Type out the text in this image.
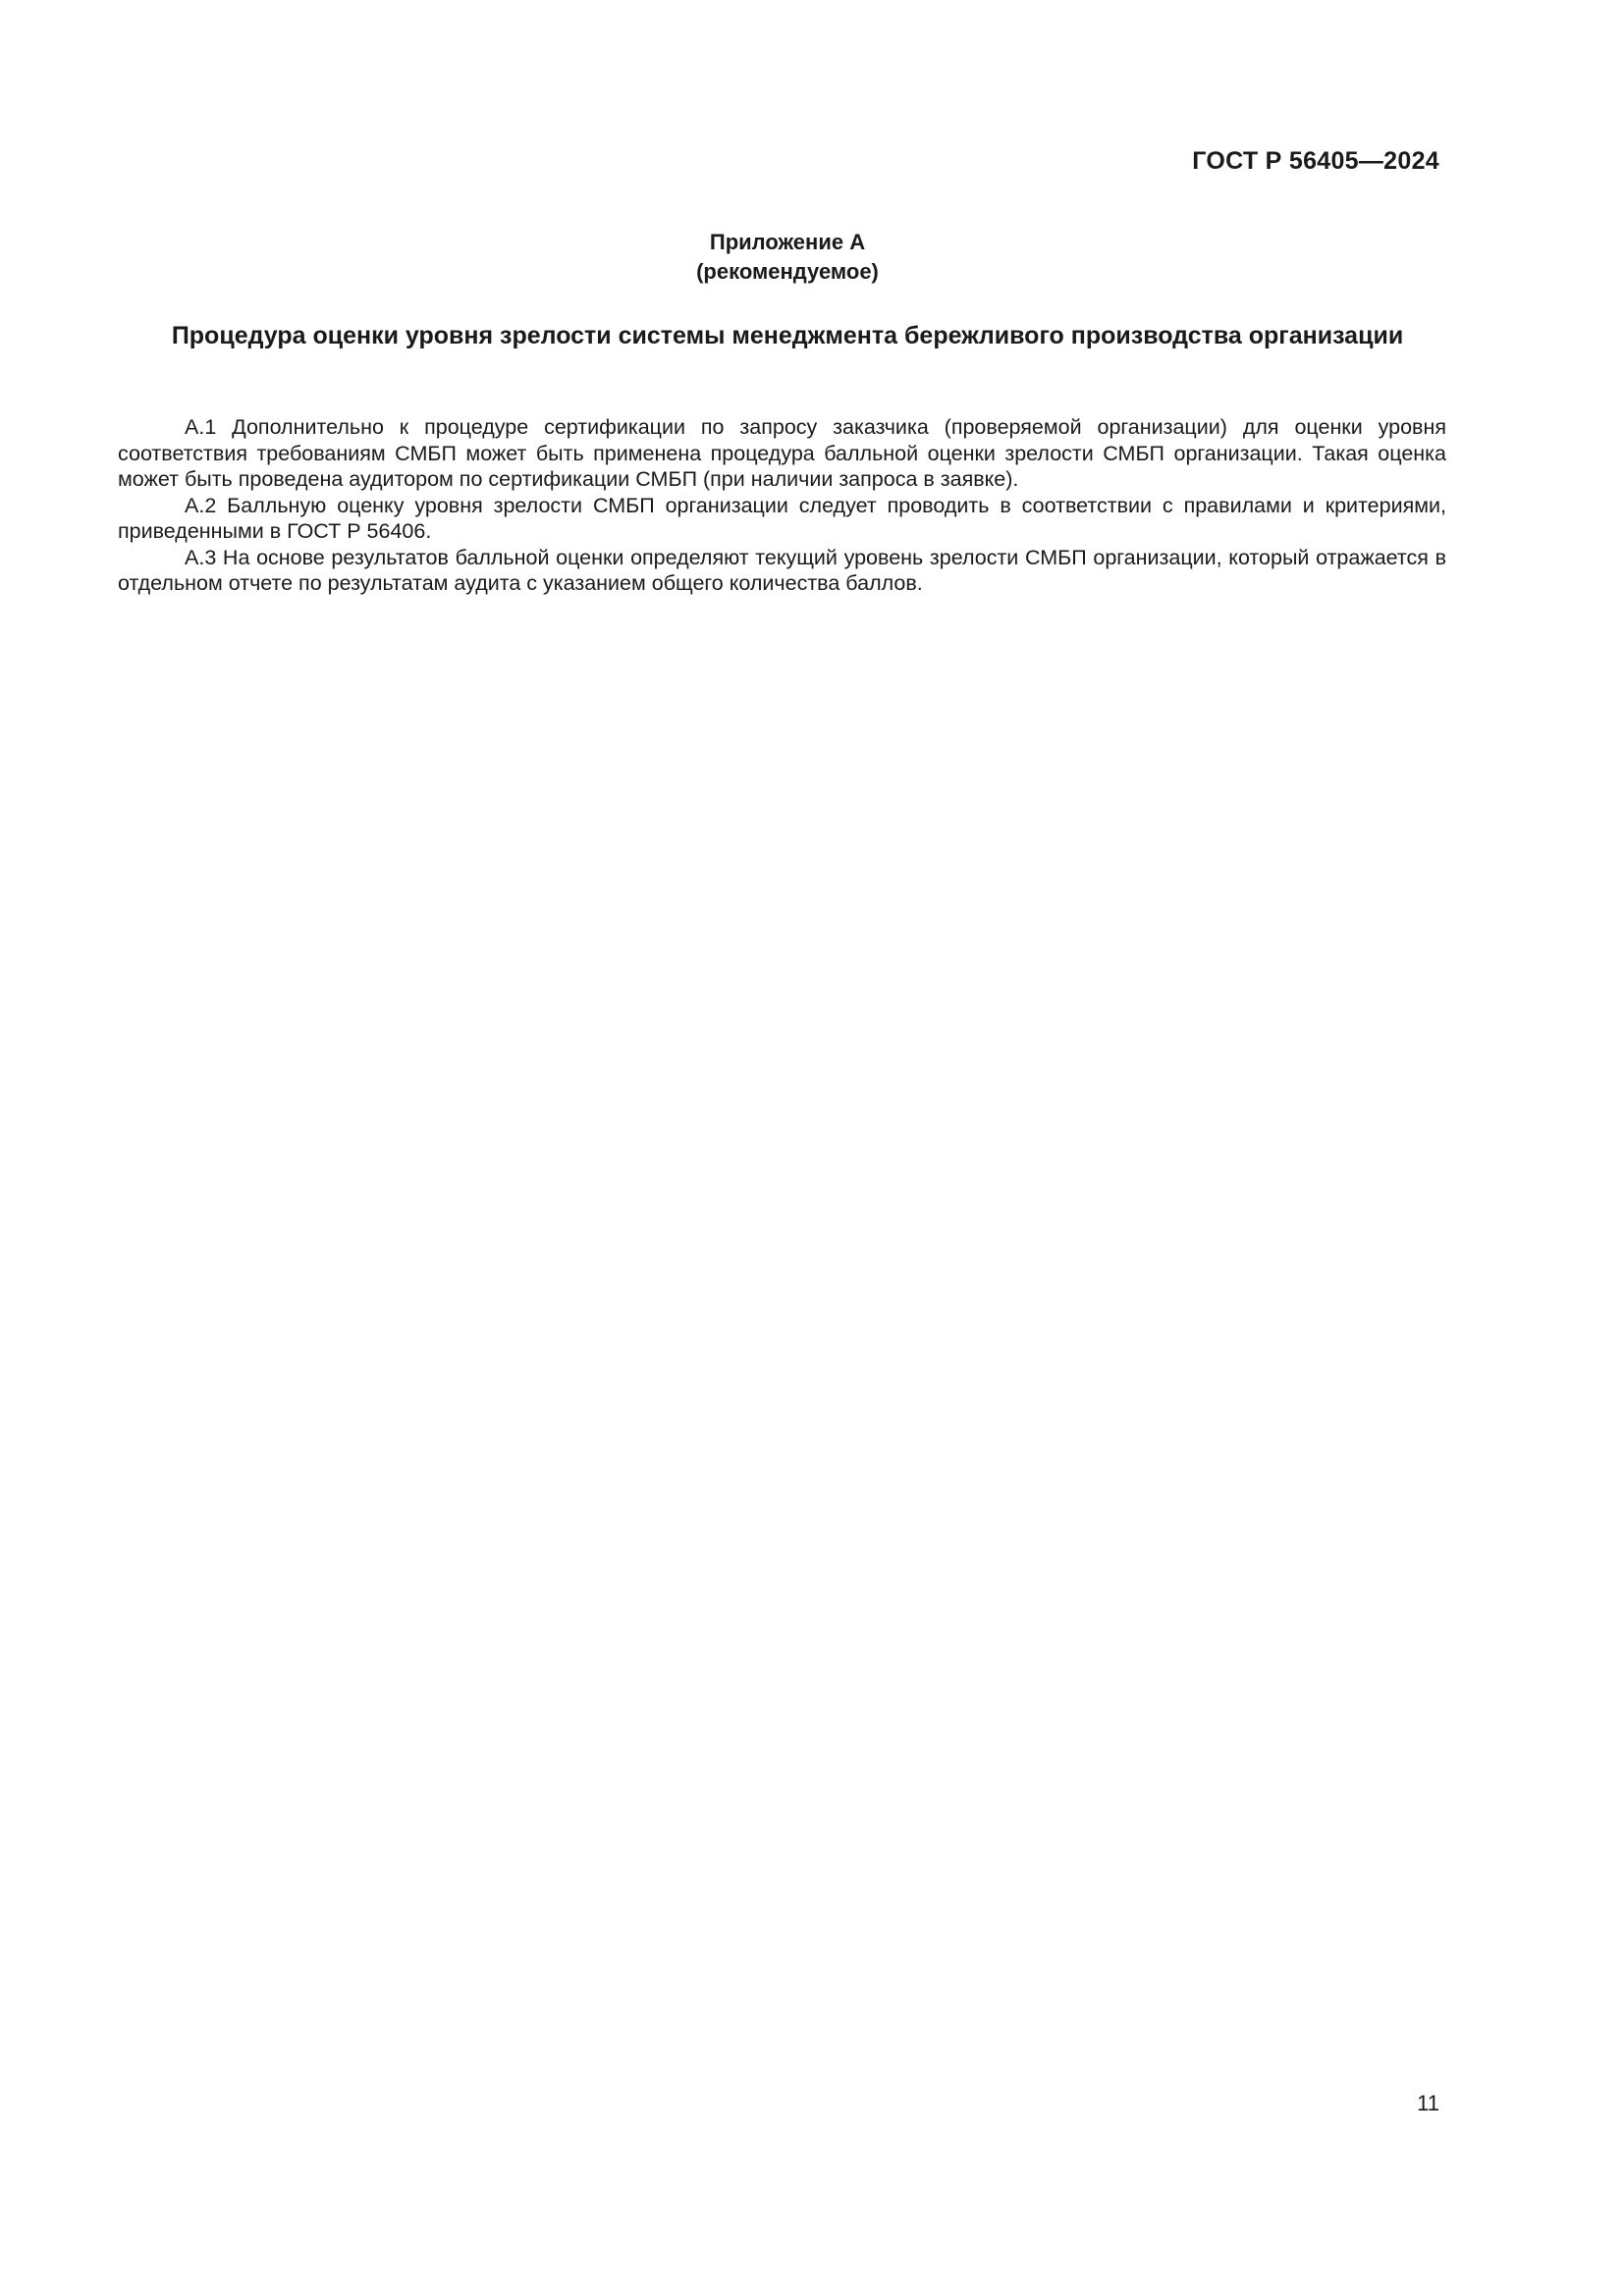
ГОСТ Р 56405—2024
Приложение А
(рекомендуемое)
Процедура оценки уровня зрелости системы менеджмента бережливого производства организации

А.1 Дополнительно к процедуре сертификации по запросу заказчика (проверяемой организации) для оценки уровня соответствия требованиям СМБП может быть применена процедура балльной оценки зрелости СМБП организации. Такая оценка может быть проведена аудитором по сертификации СМБП (при наличии запроса в заявке).

А.2 Балльную оценку уровня зрелости СМБП организации следует проводить в соответствии с правилами и критериями, приведенными в ГОСТ Р 56406.

А.3 На основе результатов балльной оценки определяют текущий уровень зрелости СМБП организации, который отражается в отдельном отчете по результатам аудита с указанием общего количества баллов.

11
